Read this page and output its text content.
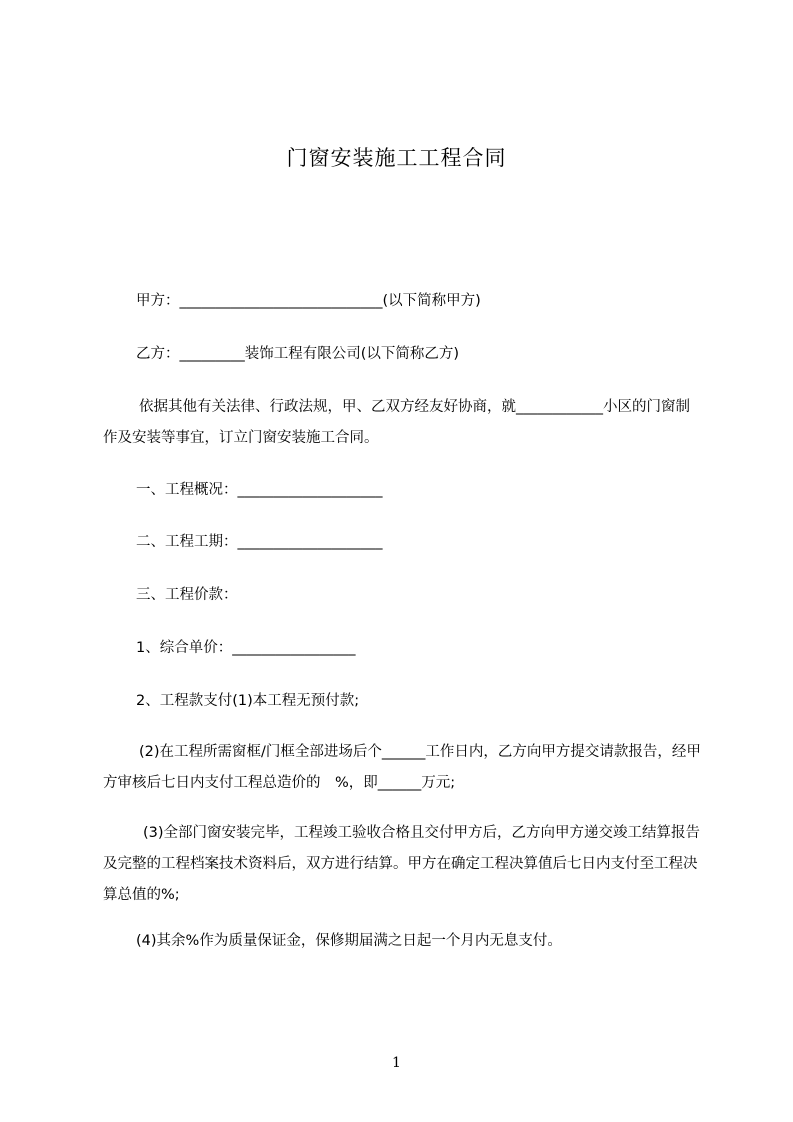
门窗安装施工工程合同
甲方：____________________________(以下简称甲方)
乙方：_________装饰工程有限公司(以下简称乙方)
依据其他有关法律、行政法规，甲、乙双方经友好协商，就____________小区的门窗制作及安装等事宜，订立门窗安装施工合同。
一、工程概况：____________________
二、工程工期：____________________
三、工程价款：
1、综合单价：_________________
2、工程款支付(1)本工程无预付款;
(2)在工程所需窗框/门框全部进场后个______工作日内，乙方向甲方提交请款报告，经甲方审核后七日内支付工程总造价的　%，即______万元;
(3)全部门窗安装完毕，工程竣工验收合格且交付甲方后，乙方向甲方递交竣工结算报告及完整的工程档案技术资料后，双方进行结算。甲方在确定工程决算值后七日内支付至工程决算总值的%;
(4)其余%作为质量保证金，保修期届满之日起一个月内无息支付。
1
